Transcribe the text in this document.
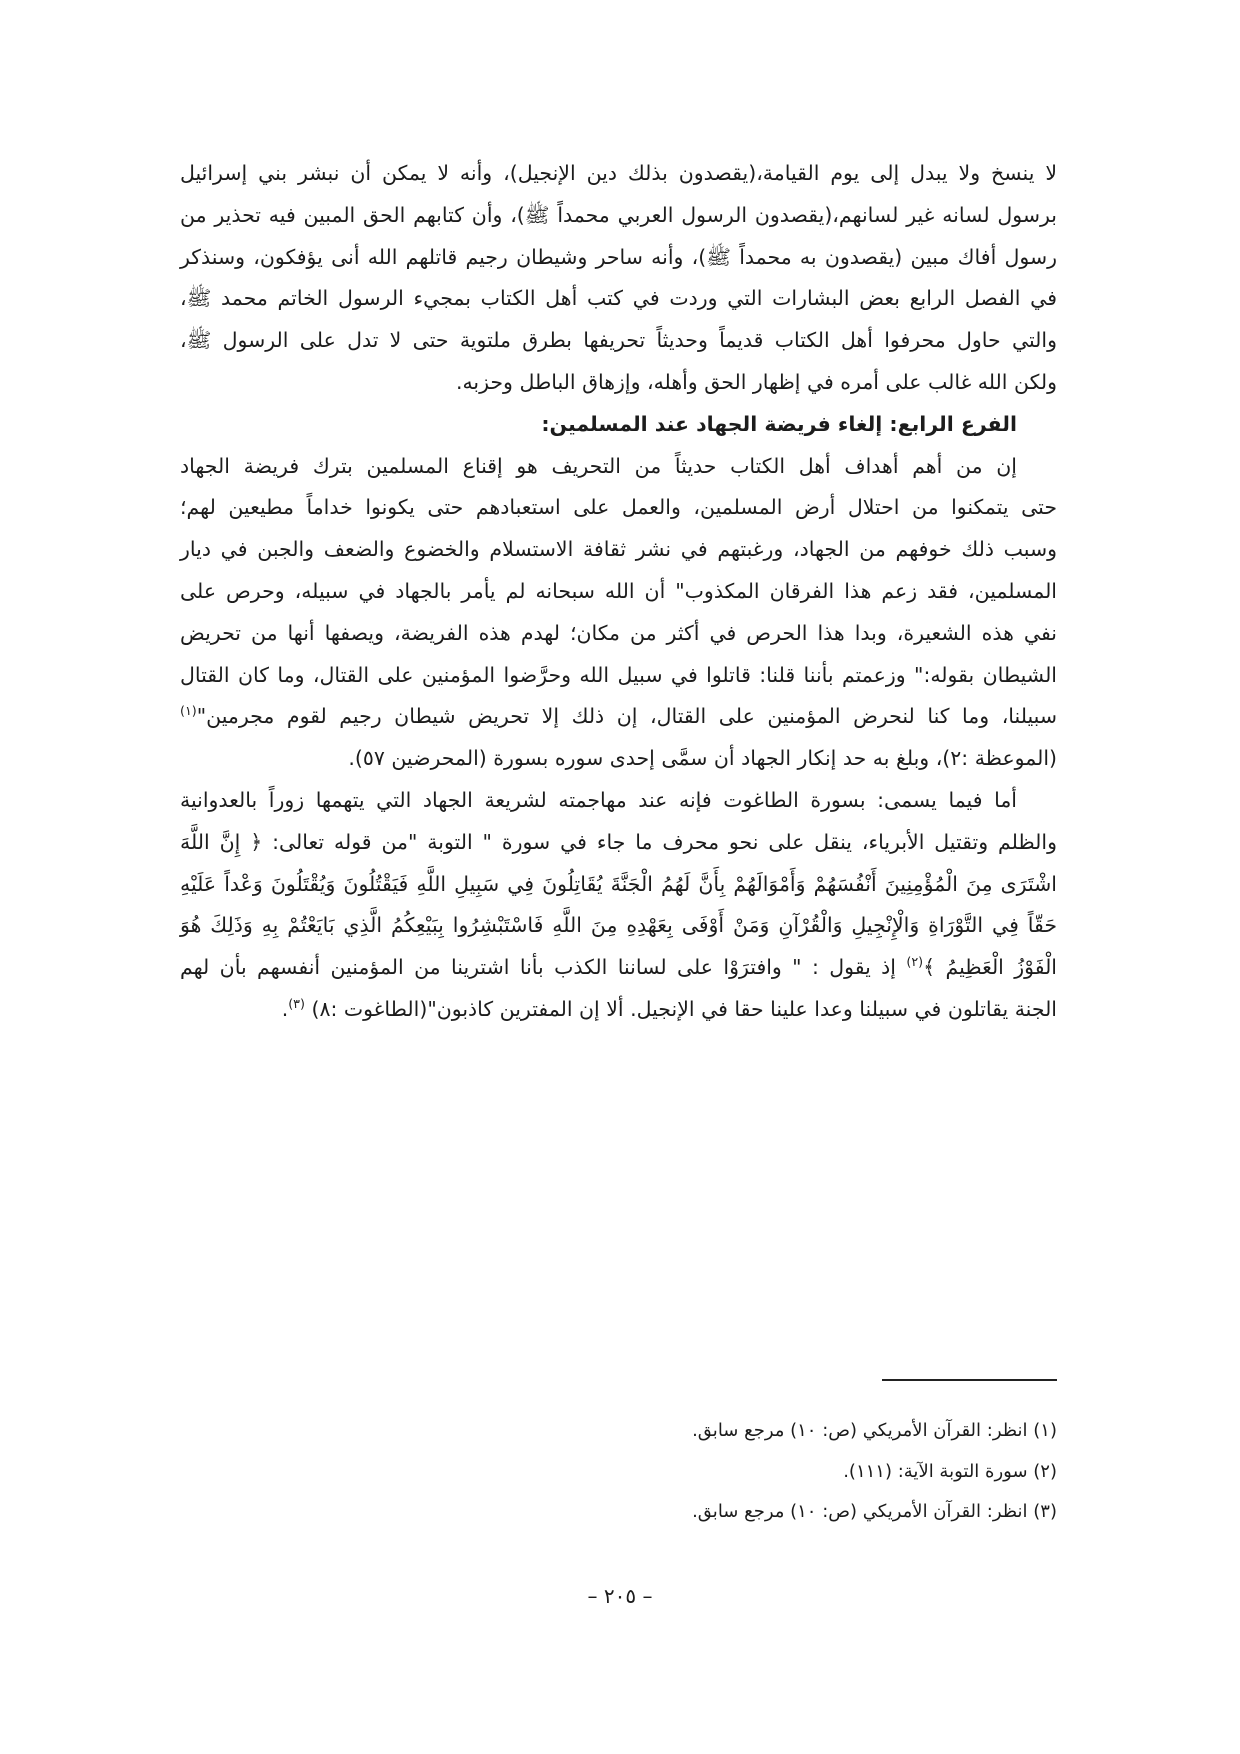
لا ينسخ ولا يبدل إلى يوم القيامة،(يقصدون بذلك دين الإنجيل)، وأنه لا يمكن أن نبشر بني إسرائيل
برسول لسانه غير لسانهم،(يقصدون الرسول العربي محمداً ﷺ)، وأن كتابهم الحق المبين فيه تحذير من
رسول أفاك مبين (يقصدون به محمداً ﷺ)، وأنه ساحر وشيطان رجيم قاتلهم الله أنى يؤفكون، وسنذكر
في الفصل الرابع بعض البشارات التي وردت في كتب أهل الكتاب بمجيء الرسول الخاتم محمد ﷺ،
والتي حاول محرفوا أهل الكتاب قديماً وحديثاً تحريفها بطرق ملتوية حتى لا تدل على الرسول ﷺ،
ولكن الله غالب على أمره في إظهار الحق وأهله، وإزهاق الباطل وحزبه.
الفرع الرابع: إلغاء فريضة الجهاد عند المسلمين:
إن من أهم أهداف أهل الكتاب حديثاً من التحريف هو إقناع المسلمين بترك فريضة الجهاد
حتى يتمكنوا من احتلال أرض المسلمين، والعمل على استعبادهم حتى يكونوا خداماً مطيعين لهم؛
وسبب ذلك خوفهم من الجهاد، ورغبتهم في نشر ثقافة الاستسلام والخضوع والضعف والجبن في ديار
المسلمين، فقد زعم هذا الفرقان المكذوب" أن الله سبحانه لم يأمر بالجهاد في سبيله، وحرص على
نفي هذه الشعيرة، وبدا هذا الحرص في أكثر من مكان؛ لهدم هذه الفريضة، ويصفها أنها من تحريض
الشيطان بقوله:" وزعمتم بأننا قلنا: قاتلوا في سبيل الله وحرَّضوا المؤمنين على القتال، وما كان القتال
سبيلنا، وما كنا لنحرض المؤمنين على القتال، إن ذلك إلا تحريض شيطان رجيم لقوم مجرمين"$^{(١)}$
(الموعظة :٢)، وبلغ به حد إنكار الجهاد أن سمَّى إحدى سوره بسورة (المحرضين ٥٧).
أما فيما يسمى: بسورة الطاغوت فإنه عند مهاجمته لشريعة الجهاد التي يتهمها زوراً بالعدوانية
والظلم وتقتيل الأبرياء، ينقل على نحو محرف ما جاء في سورة " التوبة "من قوله تعالى: ﴿ إِنَّ اللَّهَ
اشْتَرَى مِنَ الْمُؤْمِنِينَ أَنْفُسَهُمْ وَأَمْوَالَهُمْ بِأَنَّ لَهُمُ الْجَنَّةَ يُقَاتِلُونَ فِي سَبِيلِ اللَّهِ فَيَقْتُلُونَ وَيُقْتَلُونَ وَعْداً عَلَيْهِ
حَقّاً فِي التَّوْرَاةِ وَالْإِنْجِيلِ وَالْقُرْآنِ وَمَنْ أَوْفَى بِعَهْدِهِ مِنَ اللَّهِ فَاسْتَبْشِرُوا بِبَيْعِكُمُ الَّذِي بَايَعْتُمْ بِهِ وَذَلِكَ هُوَ
الْفَوْزُ الْعَظِيمُ ﴾$^{(٢)}$ إذ يقول : " وافترَوْا على لساننا الكذب بأنا اشترينا من المؤمنين أنفسهم بأن لهم
الجنة يقاتلون في سبيلنا وعدا علينا حقا في الإنجيل. ألا إن المفترين كاذبون"(الطاغوت :٨) $^{(٣)}$.
(١) انظر: القرآن الأمريكي (ص: ١٠) مرجع سابق.
(٢) سورة التوبة الآية: (١١١).
(٣) انظر: القرآن الأمريكي (ص: ١٠) مرجع سابق.
– ٢٠٥ –
